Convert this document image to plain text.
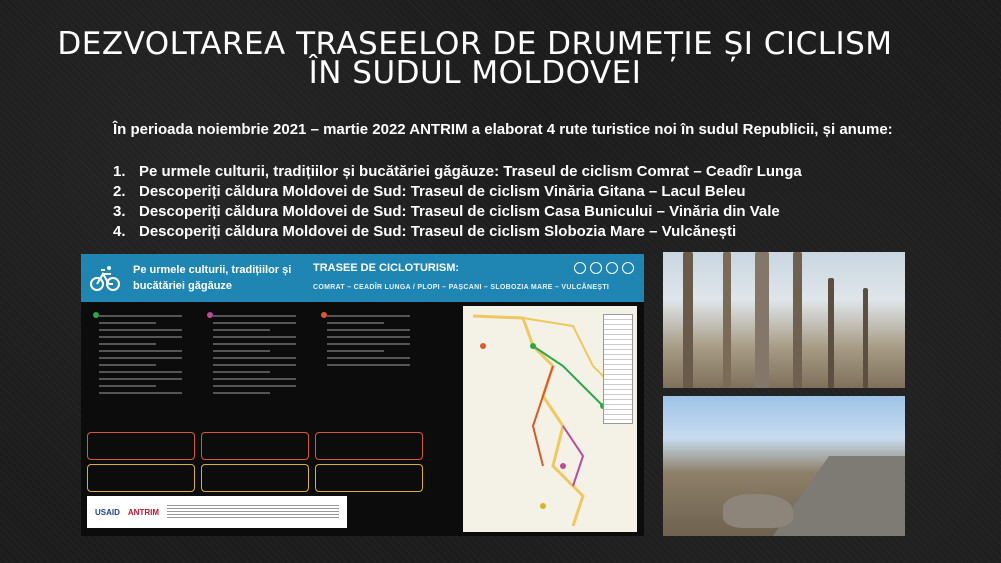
DEZVOLTAREA TRASEELOR DE DRUMEȚIE ȘI CICLISM
ÎN SUDUL MOLDOVEI
În perioada noiembrie 2021 – martie 2022 ANTRIM a elaborat 4 rute turistice noi în sudul Republicii, și anume:
1. Pe urmele culturii, tradițiilor și bucătăriei găgăuze: Traseul de ciclism Comrat – Ceadîr Lunga
2. Descoperiți căldura Moldovei de Sud: Traseul de ciclism Vinăria Gitana – Lacul Beleu
3. Descoperiți căldura Moldovei de Sud: Traseul de ciclism Casa Bunicului – Vinăria din Vale
4. Descoperiți căldura Moldovei de Sud: Traseul de ciclism Slobozia Mare – Vulcănești
Pe urmele culturii, tradițiilor și bucătăriei găgăuze
TRASEE DE CICLOTURISM:
COMRAT – CEADÎR LUNGA / PLOPI – PAȘCANI – SLOBOZIA MARE – VULCĂNEȘTI
USAID ANTRIM
